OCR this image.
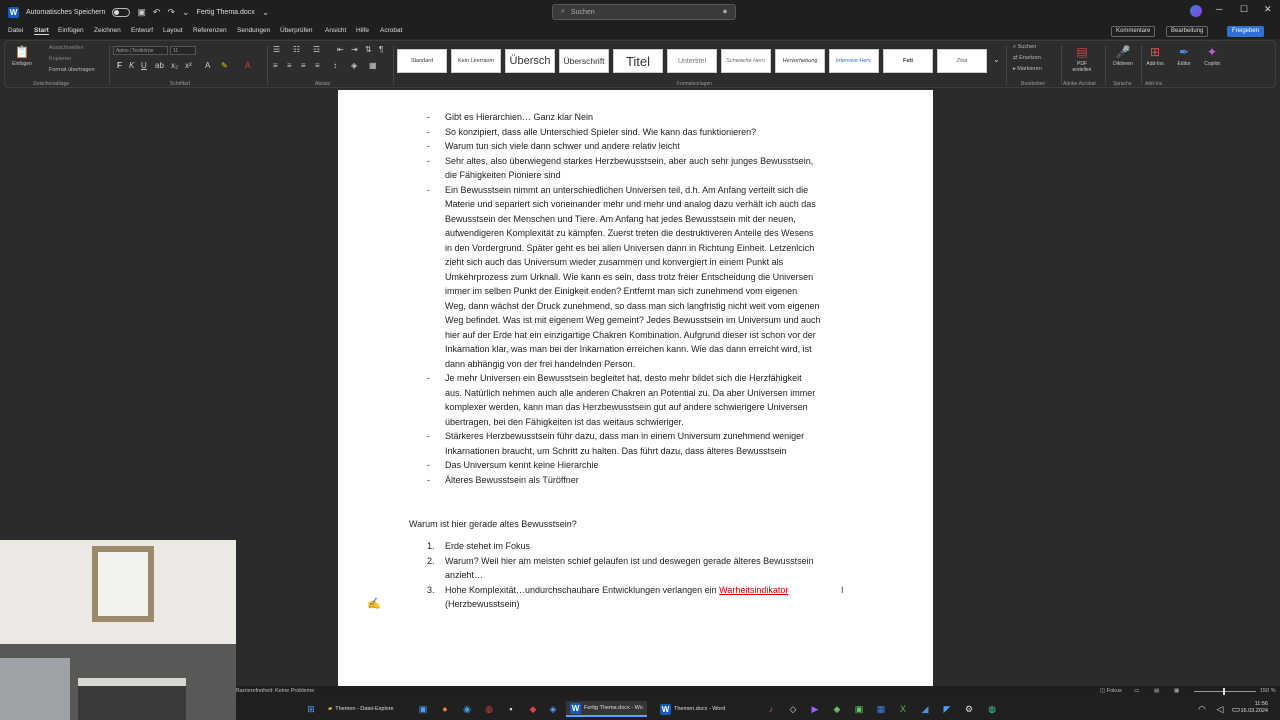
W Automatisches Speichern	▣ ↶ ↷ ⌄ Fertig Thema.docx ⌄	⌕ Suchen	⏺	─ ☐ ✕
Datei Start Einfügen Zeichnen Entwurf Layout Referenzen Sendungen Überprüfen Ansicht Hilfe Acrobat	Kommentare	Bearbeitung	Freigeben
📋
Einfügen
Ausschneiden
Kopieren
Format übertragen
Zwischenablage
Aptos (Textkörpe	11
F K U ab x₂ x² A ✎ A
Schriftart
☰ ☷ ☲ ⇤ ⇥ ⇅ ¶
≡ ≡ ≡ ≡ ↕ ◈ ▦
Absatz
Standard	Kein Leerraum	Übersch	Überschrift	Titel	Untertitel	Schwache Herv.	Hervorhebung	Intensive Herv.	Fett	Zitat	⌄
Formatvorlagen
⌕ Suchen
⇄ Ersetzen
▸ Markieren
Bearbeiten
▤
PDF erstellen
Adobe Acrobat
🎤
Diktieren
Sprache
⊞
Add-Ins
Add-Ins
✒
Editor
✦
Copilot
- Gibt es Hierarchien… Ganz klar Nein
- So konzipiert, dass alle Unterschied Spieler sind. Wie kann das funktionieren?
- Warum tun sich viele dann schwer und andere relativ leicht
- Sehr altes, also überwiegend starkes Herzbewusstsein, aber auch sehr junges Bewusstsein,
die Fähigkeiten Pioniere sind
- Ein Bewusstsein nimmt an unterschiedlichen Universen teil, d.h. Am Anfang verteilt sich die
Materie und separiert sich voneinander mehr und mehr und analog dazu verhält ich auch das
Bewusstsein der Menschen und Tiere. Am Anfang hat jedes Bewusstsein mit der neuen,
aufwendigeren Komplexität zu kämpfen. Zuerst treten die destruktiveren Anteile des Wesens
in den Vordergrund. Später geht es bei allen Universen dann in Richtung Einheit. Letzenlcich
zieht sich auch das Universum wieder zusammen und konvergiert in einem Punkt als
Umkehrprozess zum Urknall. Wie kann es sein, dass trotz freier Entscheidung die Universen
immer im selben Punkt der Einigkeit enden? Entfernt man sich zunehmend vom eigenen
Weg, dann wächst der Druck zunehmend, so dass man sich langfristig nicht weit vom eigenen
Weg befindet. Was ist mit eigenem Weg gemeint? Jedes Bewusstsein im Universum und auch
hier auf der Erde hat ein einzigartige Chakren Kombination. Aufgrund dieser ist schon vor der
Inkarnation klar, was man bei der Inkarnation erreichen kann. Wie das dann erreicht wird, ist
dann abhängig von der frei handelnden Person.
- Je mehr Universen ein Bewusstsein begleitet hat, desto mehr bildet sich die Herzfähigkeit
aus. Natürlich nehmen auch alle anderen Chakren an Potential zu. Da aber Universen immer
komplexer werden, kann man das Herzbewusstsein gut auf andere schwierigere Universen
übertragen, bei den Fähigkeiten ist das weitaus schwieriger.
- Stärkeres Herzbewusstsein führ dazu, dass man in einem Universum zunehmend weniger
Inkarnationen braucht, um Schritt zu halten. Das führt dazu, dass älteres Bewusstsein
- Das Universum kennt keine Hierarchie
- Älteres Bewusstsein als Türöffner
Warum ist hier gerade altes Bewusstsein?
1. Erde stehet im Fokus
2. Warum? Weil hier am meisten schief gelaufen ist und deswegen gerade älteres Bewusstsein
anzieht…
3. Hohe Komplexität…undurchschaubare Entwicklungen verlangen ein Warheitsindikator
(Herzbewusstsein)
I
✍
Barrierefreiheit: Keine Probleme	◫ Fokus ▭	▤	▦	150 %
⊞	▰ Themen - Datei-Explore	▣	●	◉	◍	▪	◆	◈	W Fertig Thema.docx - Wo W Themen.docx - Word	♪	◇	▶	◆	▣	▦	X	◢	◤	⚙	◍	◠	◁ ▭	11:56
16.03.2024
